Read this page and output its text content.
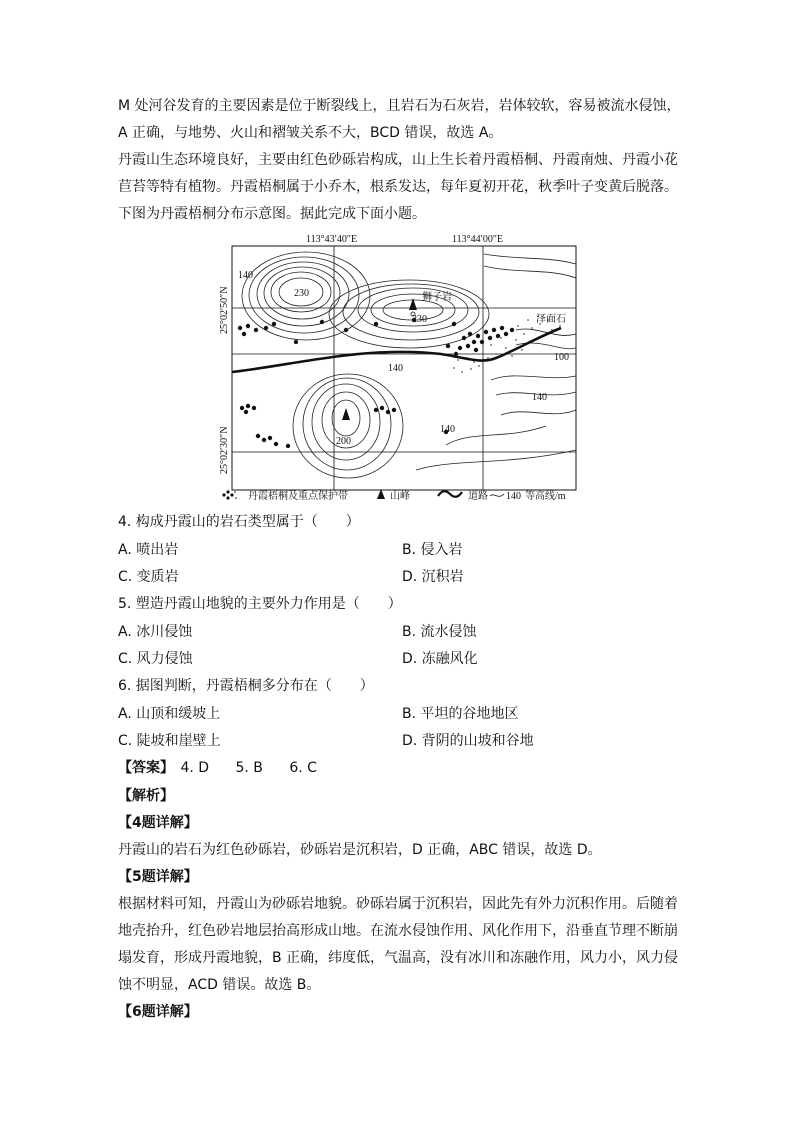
M 处河谷发育的主要因素是位于断裂线上，且岩石为石灰岩，岩体较软，容易被流水侵蚀，
A 正确，与地势、火山和褶皱关系不大，BCD 错误，故选 A。
丹霞山生态环境良好，主要由红色砂砾岩构成，山上生长着丹霞梧桐、丹霞南烛、丹霞小花
苣苔等特有植物。丹霞梧桐属于小乔木，根系发达，每年夏初开花，秋季叶子变黄后脱落。
下图为丹霞梧桐分布示意图。据此完成下面小题。
113°43′40″E	113°44′00″E
25°02′50″N
25°02′30″N
140
230
230
140
200
140
140
100
狮子岩
泽面石
丹霞梧桐及重点保护带	山峰	道路 140 等高线/m
4. 构成丹霞山的岩石类型属于（　　）
A. 喷出岩	B. 侵入岩
C. 变质岩	D. 沉积岩
5. 塑造丹霞山地貌的主要外力作用是（　　）
A. 冰川侵蚀	B. 流水侵蚀
C. 风力侵蚀	D. 冻融风化
6. 据图判断，丹霞梧桐多分布在（　　）
A. 山顶和缓坡上	B. 平坦的谷地地区
C. 陡坡和崖壁上	D. 背阴的山坡和谷地
【答案】 4. D 5. B 6. C
【解析】
【4题详解】
丹霞山的岩石为红色砂砾岩，砂砾岩是沉积岩，D 正确，ABC 错误，故选 D。
【5题详解】
根据材料可知，丹霞山为砂砾岩地貌。砂砾岩属于沉积岩，因此先有外力沉积作用。后随着
地壳抬升，红色砂岩地层抬高形成山地。在流水侵蚀作用、风化作用下，沿垂直节理不断崩
塌发育，形成丹霞地貌，B 正确，纬度低，气温高，没有冰川和冻融作用，风力小，风力侵
蚀不明显，ACD 错误。故选 B。
【6题详解】
